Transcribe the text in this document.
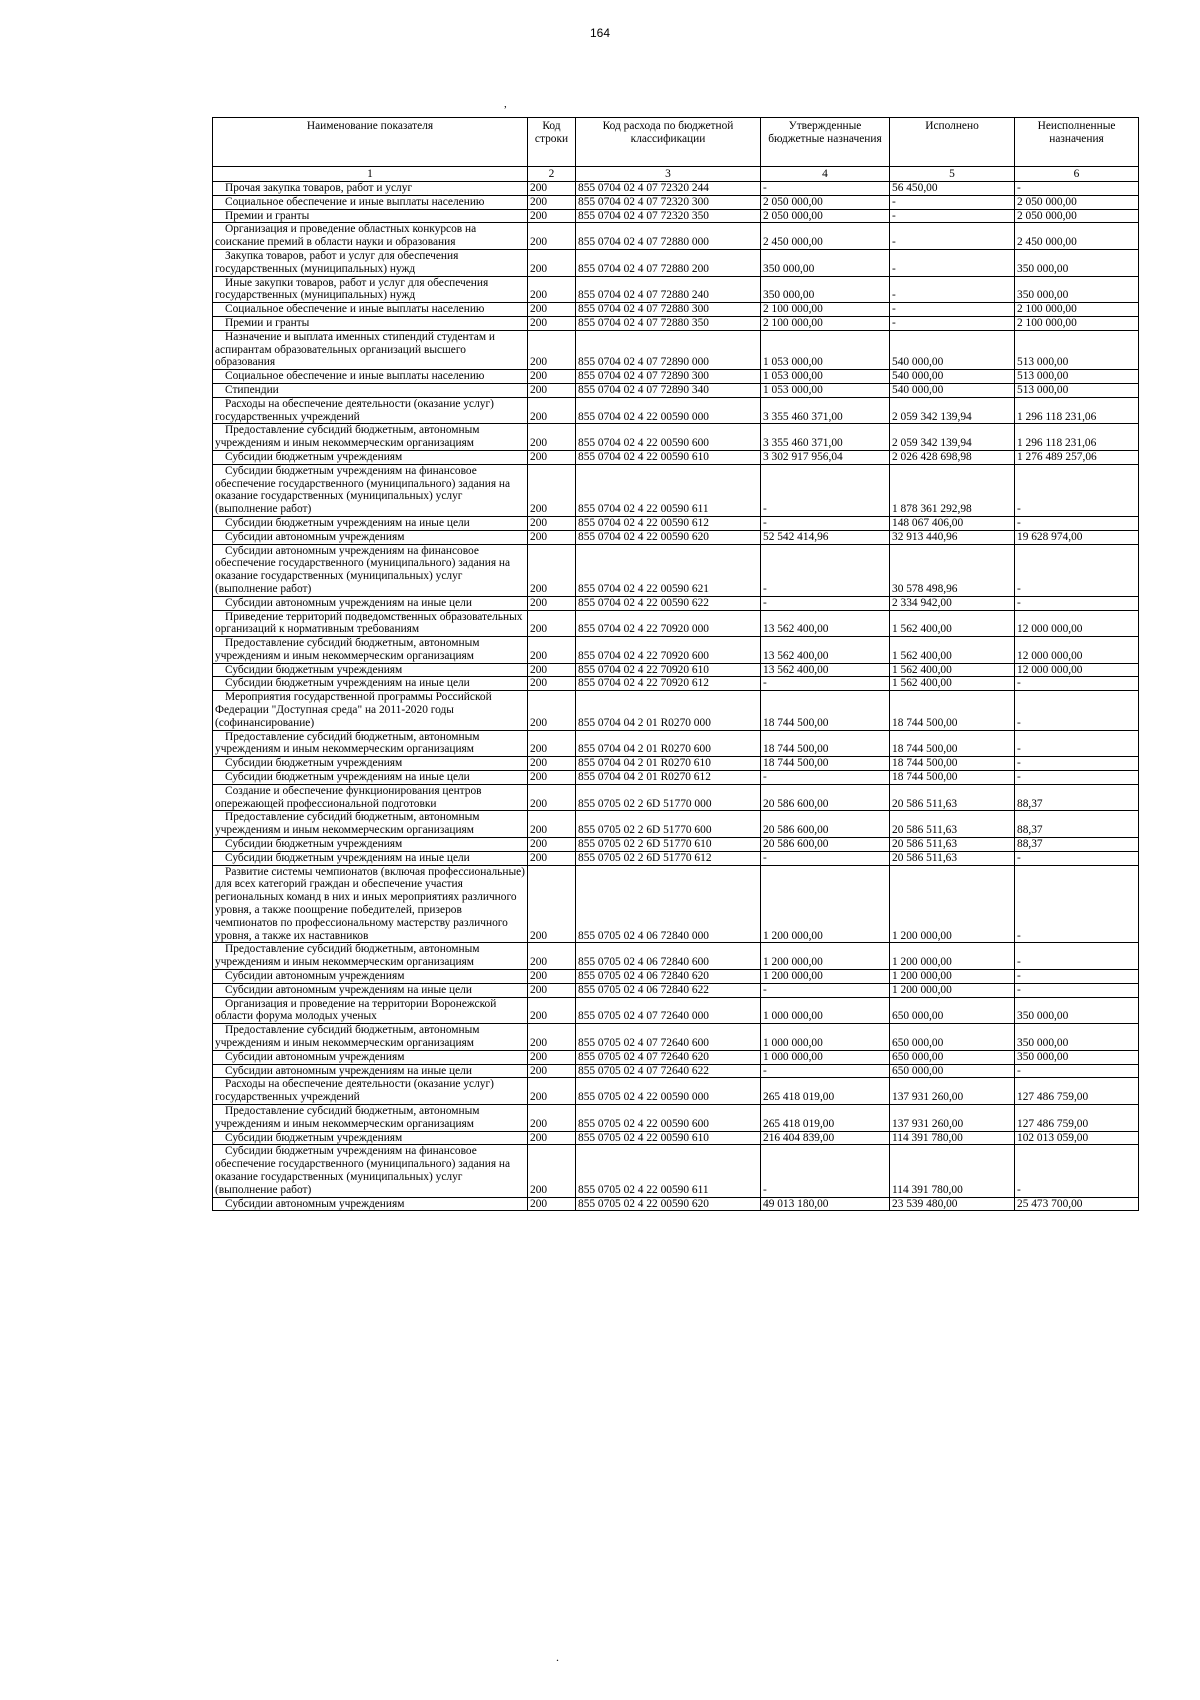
164
,
Наименование показателя	Код строки	Код расхода по бюджетной классификации	Утвержденные бюджетные назначения	Исполнено	Неисполненные назначения
1	2	3	4	5	6
Прочая закупка товаров, работ и услуг	200	855 0704 02 4 07 72320 244	-	56 450,00	-
Социальное обеспечение и иные выплаты населению	200	855 0704 02 4 07 72320 300	2 050 000,00	-	2 050 000,00
Премии и гранты	200	855 0704 02 4 07 72320 350	2 050 000,00	-	2 050 000,00
Организация и проведение областных конкурсов на соискание премий в области науки и образования	200	855 0704 02 4 07 72880 000	2 450 000,00	-	2 450 000,00
Закупка товаров, работ и услуг для обеспечения государственных (муниципальных) нужд	200	855 0704 02 4 07 72880 200	350 000,00	-	350 000,00
Иные закупки товаров, работ и услуг для обеспечения государственных (муниципальных) нужд	200	855 0704 02 4 07 72880 240	350 000,00	-	350 000,00
Социальное обеспечение и иные выплаты населению	200	855 0704 02 4 07 72880 300	2 100 000,00	-	2 100 000,00
Премии и гранты	200	855 0704 02 4 07 72880 350	2 100 000,00	-	2 100 000,00
Назначение и выплата именных стипендий студентам и аспирантам образовательных организаций высшего образования	200	855 0704 02 4 07 72890 000	1 053 000,00	540 000,00	513 000,00
Социальное обеспечение и иные выплаты населению	200	855 0704 02 4 07 72890 300	1 053 000,00	540 000,00	513 000,00
Стипендии	200	855 0704 02 4 07 72890 340	1 053 000,00	540 000,00	513 000,00
Расходы на обеспечение деятельности (оказание услуг) государственных учреждений	200	855 0704 02 4 22 00590 000	3 355 460 371,00	2 059 342 139,94	1 296 118 231,06
Предоставление субсидий бюджетным, автономным учреждениям и иным некоммерческим организациям	200	855 0704 02 4 22 00590 600	3 355 460 371,00	2 059 342 139,94	1 296 118 231,06
Субсидии бюджетным учреждениям	200	855 0704 02 4 22 00590 610	3 302 917 956,04	2 026 428 698,98	1 276 489 257,06
Субсидии бюджетным учреждениям на финансовое обеспечение государственного (муниципального) задания на оказание государственных (муниципальных) услуг (выполнение работ)	200	855 0704 02 4 22 00590 611	-	1 878 361 292,98	-
Субсидии бюджетным учреждениям на иные цели	200	855 0704 02 4 22 00590 612	-	148 067 406,00	-
Субсидии автономным учреждениям	200	855 0704 02 4 22 00590 620	52 542 414,96	32 913 440,96	19 628 974,00
Субсидии автономным учреждениям на финансовое обеспечение государственного (муниципального) задания на оказание государственных (муниципальных) услуг (выполнение работ)	200	855 0704 02 4 22 00590 621	-	30 578 498,96	-
Субсидии автономным учреждениям на иные цели	200	855 0704 02 4 22 00590 622	-	2 334 942,00	-
Приведение территорий подведомственных образовательных организаций к нормативным требованиям	200	855 0704 02 4 22 70920 000	13 562 400,00	1 562 400,00	12 000 000,00
Предоставление субсидий бюджетным, автономным учреждениям и иным некоммерческим организациям	200	855 0704 02 4 22 70920 600	13 562 400,00	1 562 400,00	12 000 000,00
Субсидии бюджетным учреждениям	200	855 0704 02 4 22 70920 610	13 562 400,00	1 562 400,00	12 000 000,00
Субсидии бюджетным учреждениям на иные цели	200	855 0704 02 4 22 70920 612	-	1 562 400,00	-
Мероприятия государственной программы Российской Федерации "Доступная среда" на 2011-2020 годы (софинансирование)	200	855 0704 04 2 01 R0270 000	18 744 500,00	18 744 500,00	-
Предоставление субсидий бюджетным, автономным учреждениям и иным некоммерческим организациям	200	855 0704 04 2 01 R0270 600	18 744 500,00	18 744 500,00	-
Субсидии бюджетным учреждениям	200	855 0704 04 2 01 R0270 610	18 744 500,00	18 744 500,00	-
Субсидии бюджетным учреждениям на иные цели	200	855 0704 04 2 01 R0270 612	-	18 744 500,00	-
Создание и обеспечение функционирования центров опережающей профессиональной подготовки	200	855 0705 02 2 6D 51770 000	20 586 600,00	20 586 511,63	88,37
Предоставление субсидий бюджетным, автономным учреждениям и иным некоммерческим организациям	200	855 0705 02 2 6D 51770 600	20 586 600,00	20 586 511,63	88,37
Субсидии бюджетным учреждениям	200	855 0705 02 2 6D 51770 610	20 586 600,00	20 586 511,63	88,37
Субсидии бюджетным учреждениям на иные цели	200	855 0705 02 2 6D 51770 612	-	20 586 511,63	-
Развитие системы чемпионатов (включая профессиональные) для всех категорий граждан и обеспечение участия региональных команд в них и иных мероприятиях различного уровня, а также поощрение победителей, призеров чемпионатов по профессиональному мастерству различного уровня, а также их наставников	200	855 0705 02 4 06 72840 000	1 200 000,00	1 200 000,00	-
Предоставление субсидий бюджетным, автономным учреждениям и иным некоммерческим организациям	200	855 0705 02 4 06 72840 600	1 200 000,00	1 200 000,00	-
Субсидии автономным учреждениям	200	855 0705 02 4 06 72840 620	1 200 000,00	1 200 000,00	-
Субсидии автономным учреждениям на иные цели	200	855 0705 02 4 06 72840 622	-	1 200 000,00	-
Организация и проведение на территории Воронежской области форума молодых ученых	200	855 0705 02 4 07 72640 000	1 000 000,00	650 000,00	350 000,00
Предоставление субсидий бюджетным, автономным учреждениям и иным некоммерческим организациям	200	855 0705 02 4 07 72640 600	1 000 000,00	650 000,00	350 000,00
Субсидии автономным учреждениям	200	855 0705 02 4 07 72640 620	1 000 000,00	650 000,00	350 000,00
Субсидии автономным учреждениям на иные цели	200	855 0705 02 4 07 72640 622	-	650 000,00	-
Расходы на обеспечение деятельности (оказание услуг) государственных учреждений	200	855 0705 02 4 22 00590 000	265 418 019,00	137 931 260,00	127 486 759,00
Предоставление субсидий бюджетным, автономным учреждениям и иным некоммерческим организациям	200	855 0705 02 4 22 00590 600	265 418 019,00	137 931 260,00	127 486 759,00
Субсидии бюджетным учреждениям	200	855 0705 02 4 22 00590 610	216 404 839,00	114 391 780,00	102 013 059,00
Субсидии бюджетным учреждениям на финансовое обеспечение государственного (муниципального) задания на оказание государственных (муниципальных) услуг (выполнение работ)	200	855 0705 02 4 22 00590 611	-	114 391 780,00	-
Субсидии автономным учреждениям	200	855 0705 02 4 22 00590 620	49 013 180,00	23 539 480,00	25 473 700,00
.
